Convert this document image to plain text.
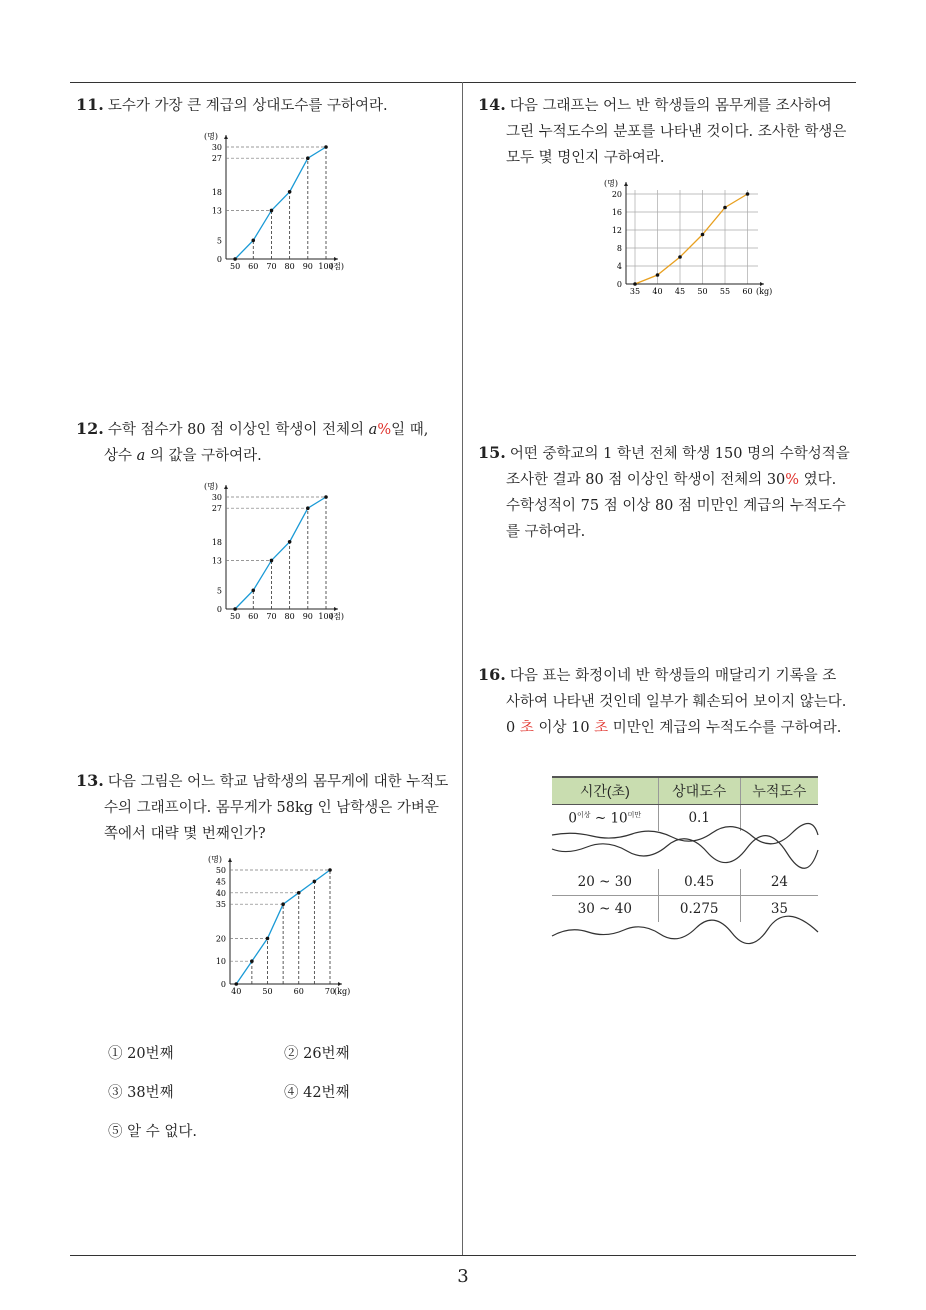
3
11. 도수가 가장 큰 계급의 상대도수를 구하여라.
(명)
0
5
13
18
27
30
50 60 70 80 90 100
(점)
12. 수학 점수가 80 점 이상인 학생이 전체의 a%일 때,
상수 a 의 값을 구하여라.
(명)
0
5
13
18
27
30
50 60 70 80 90 100
(점)
13. 다음 그림은 어느 학교 남학생의 몸무게에 대한 누적도
수의 그래프이다. 몸무게가 58kg 인 남학생은 가벼운
쪽에서 대략 몇 번째인가?
(명)
0
10
20
35
40
45
50
40	50	60	70
(kg)
① 20번째	② 26번째
③ 38번째	④ 42번째
⑤ 알 수 없다.
14. 다음 그래프는 어느 반 학생들의 몸무게를 조사하여
그린 누적도수의 분포를 나타낸 것이다. 조사한 학생은
모두 몇 명인지 구하여라.
(명)
0
4
8
12
16
20
35 40 45 50 55 60 (kg)
15. 어떤 중학교의 1 학년 전체 학생 150 명의 수학성적을
조사한 결과 80 점 이상인 학생이 전체의 30% 였다.
수학성적이 75 점 이상 80 점 미만인 계급의 누적도수
를 구하여라.
16. 다음 표는 화정이네 반 학생들의 매달리기 기록을 조
사하여 나타낸 것인데 일부가 훼손되어 보이지 않는다.
0 초 이상 10 초 미만인 계급의 누적도수를 구하여라.
시간(초)	상대도수	누적도수
$0^{이상}$ ~ $10^{미만}$	0.1	

20 ~ 30	0.45	24
30 ~ 40	0.275	35
